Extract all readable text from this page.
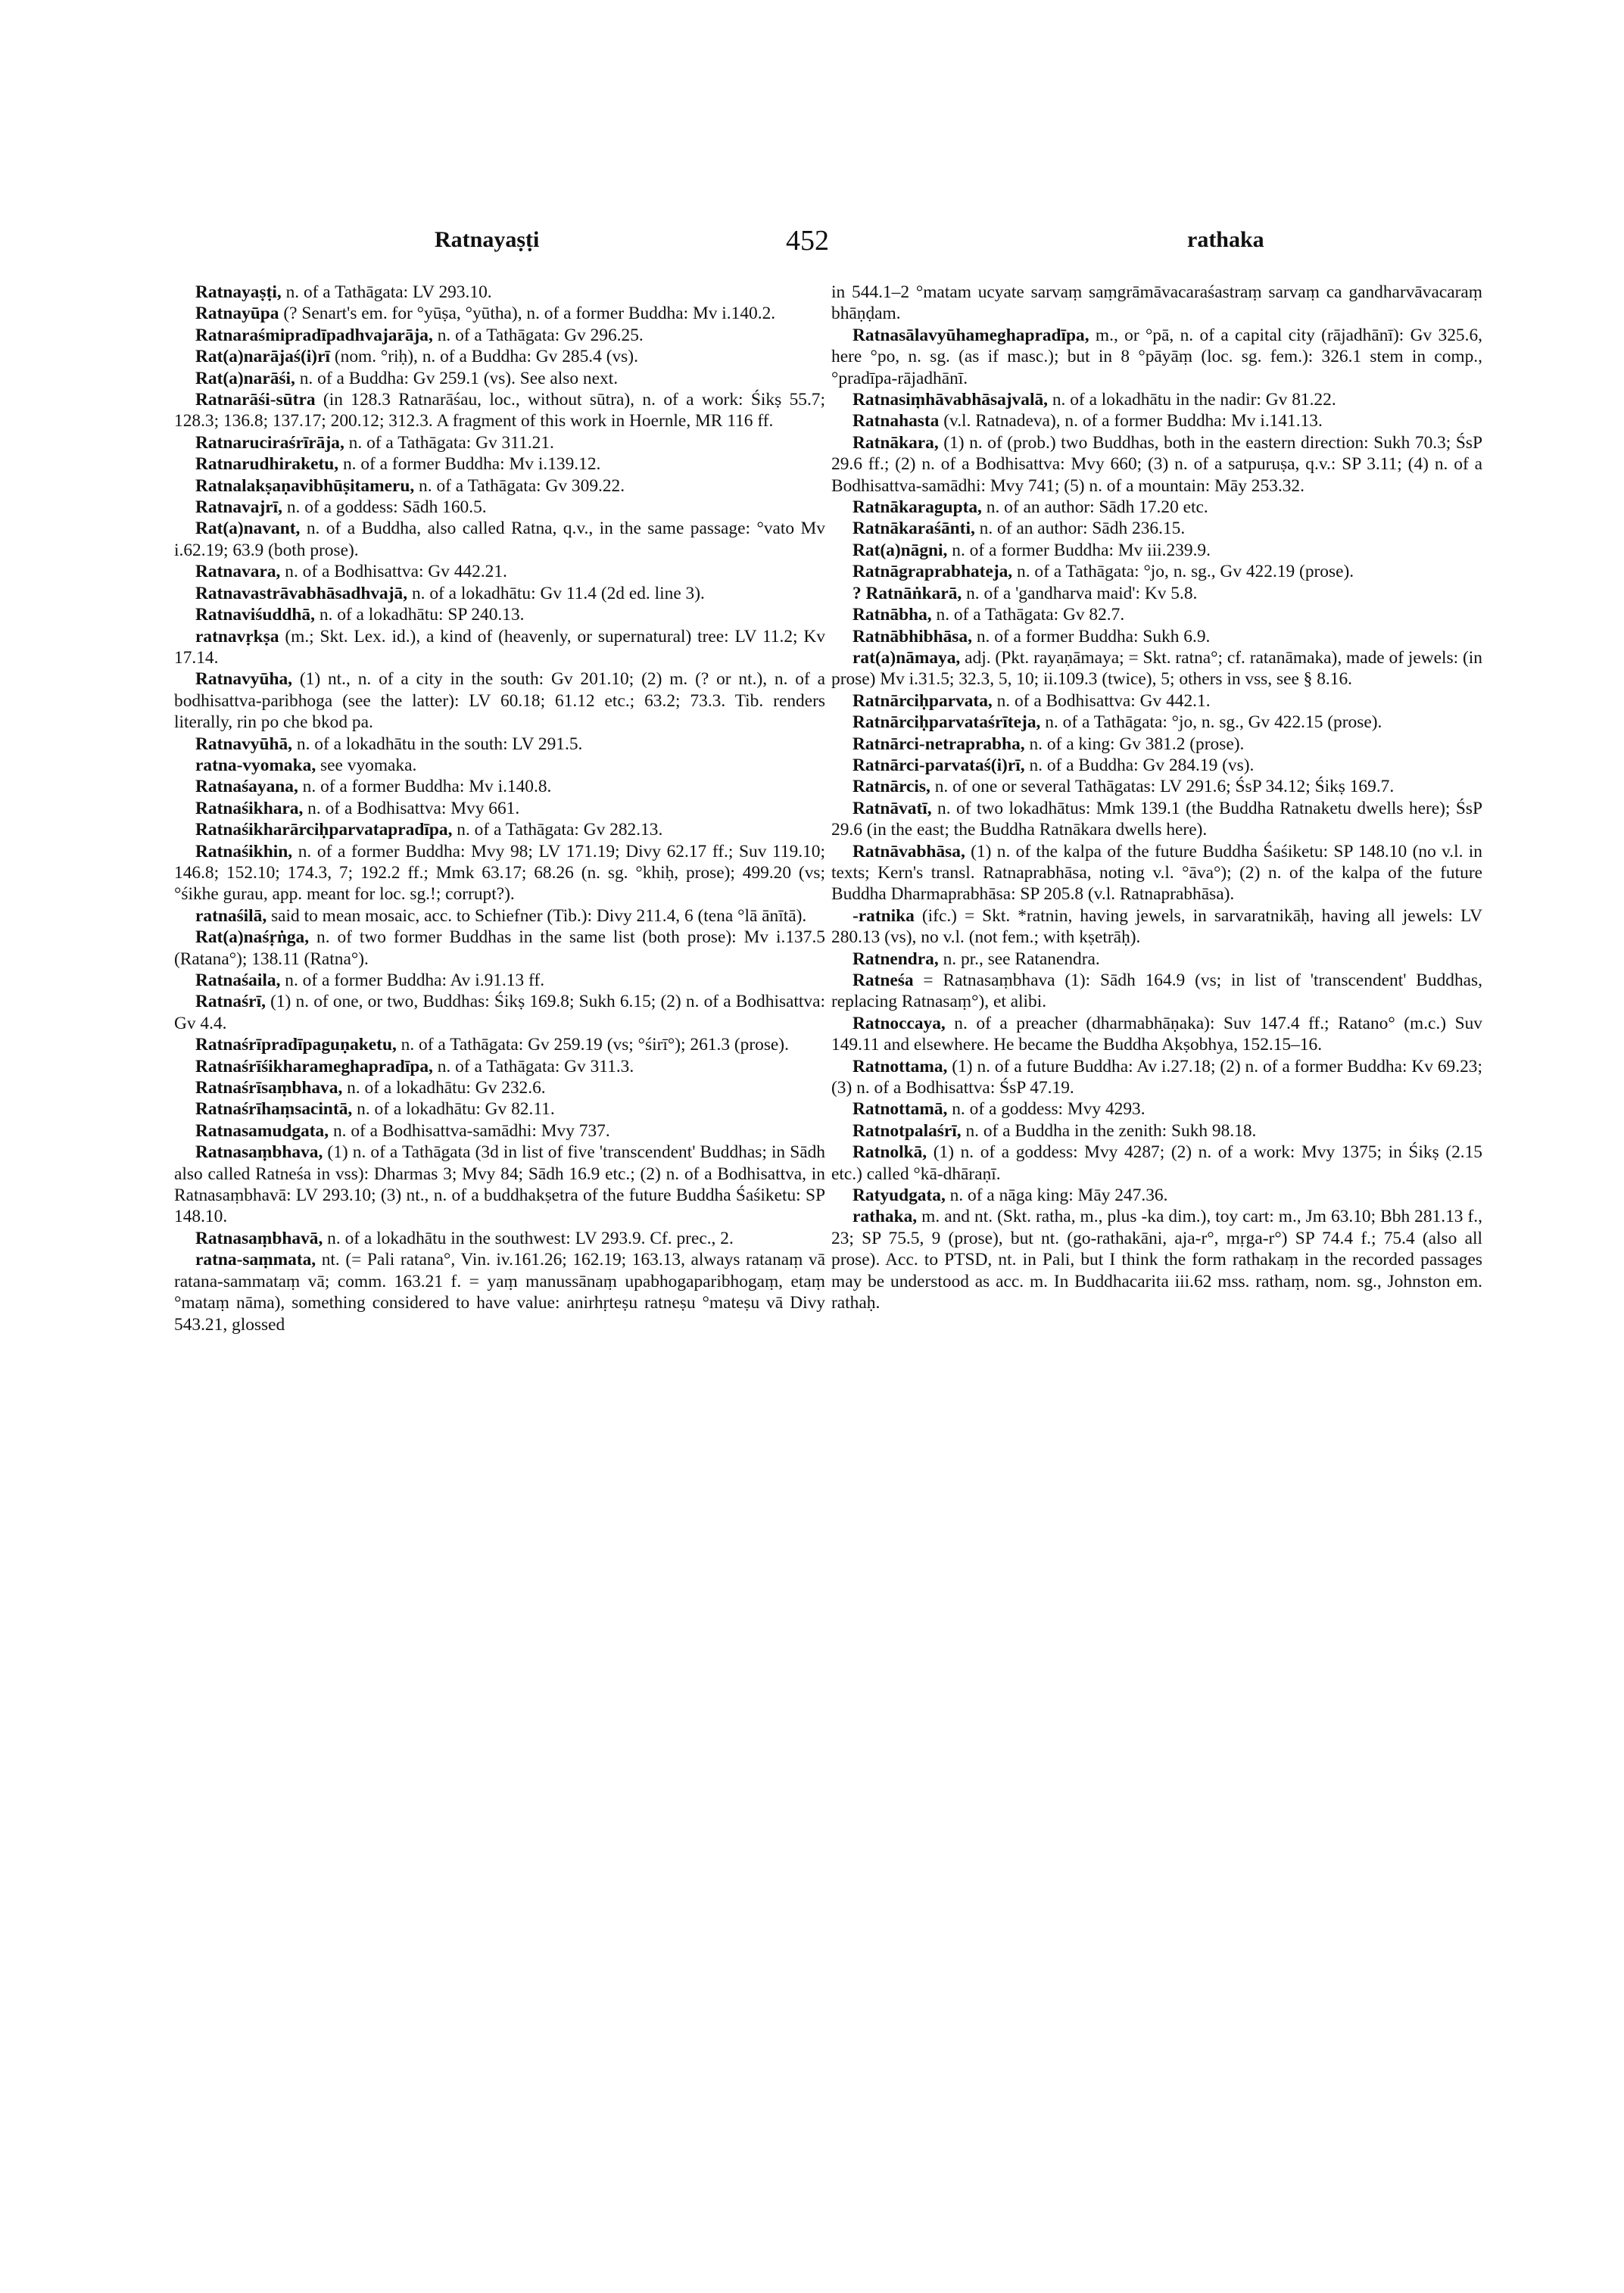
Ratnayaṣṭi	452	rathaka

Ratnayaṣṭi, n. of a Tathāgata: LV 293.10.

Ratnayūpa (? Senart's em. for °yūṣa, °yūtha), n. of a former Buddha: Mv i.140.2.

Ratnaraśmipradīpadhvajarāja, n. of a Tathāgata: Gv 296.25.

Rat(a)narājaś(i)rī (nom. °riḥ), n. of a Buddha: Gv 285.4 (vs).

Rat(a)narāśi, n. of a Buddha: Gv 259.1 (vs). See also next.

Ratnarāśi-sūtra (in 128.3 Ratnarāśau, loc., without sūtra), n. of a work: Śikṣ 55.7; 128.3; 136.8; 137.17; 200.12; 312.3. A fragment of this work in Hoernle, MR 116 ff.

Ratnaruciraśrīrāja, n. of a Tathāgata: Gv 311.21.

Ratnarudhiraketu, n. of a former Buddha: Mv i.139.12.

Ratnalakṣaṇavibhūṣitameru, n. of a Tathāgata: Gv 309.22.

Ratnavajrī, n. of a goddess: Sādh 160.5.

Rat(a)navant, n. of a Buddha, also called Ratna, q.v., in the same passage: °vato Mv i.62.19; 63.9 (both prose).

Ratnavara, n. of a Bodhisattva: Gv 442.21.

Ratnavastrāvabhāsadhvajā, n. of a lokadhātu: Gv 11.4 (2d ed. line 3).

Ratnaviśuddhā, n. of a lokadhātu: SP 240.13.

ratnavṛkṣa (m.; Skt. Lex. id.), a kind of (heavenly, or supernatural) tree: LV 11.2; Kv 17.14.

Ratnavyūha, (1) nt., n. of a city in the south: Gv 201.10; (2) m. (? or nt.), n. of a bodhisattva-paribhoga (see the latter): LV 60.18; 61.12 etc.; 63.2; 73.3. Tib. renders literally, rin po che bkod pa.

Ratnavyūhā, n. of a lokadhātu in the south: LV 291.5.

ratna-vyomaka, see vyomaka.

Ratnaśayana, n. of a former Buddha: Mv i.140.8.

Ratnaśikhara, n. of a Bodhisattva: Mvy 661.

Ratnaśikharārciḥparvatapradīpa, n. of a Tathāgata: Gv 282.13.

Ratnaśikhin, n. of a former Buddha: Mvy 98; LV 171.19; Divy 62.17 ff.; Suv 119.10; 146.8; 152.10; 174.3, 7; 192.2 ff.; Mmk 63.17; 68.26 (n. sg. °khiḥ, prose); 499.20 (vs; °śikhe gurau, app. meant for loc. sg.!; corrupt?).

ratnaśilā, said to mean mosaic, acc. to Schiefner (Tib.): Divy 211.4, 6 (tena °lā ānītā).

Rat(a)naśṛṅga, n. of two former Buddhas in the same list (both prose): Mv i.137.5 (Ratana°); 138.11 (Ratna°).

Ratnaśaila, n. of a former Buddha: Av i.91.13 ff.

Ratnaśrī, (1) n. of one, or two, Buddhas: Śikṣ 169.8; Sukh 6.15; (2) n. of a Bodhisattva: Gv 4.4.

Ratnaśrīpradīpaguṇaketu, n. of a Tathāgata: Gv 259.19 (vs; °śirī°); 261.3 (prose).

Ratnaśrīśikharameghapradīpa, n. of a Tathāgata: Gv 311.3.

Ratnaśrīsaṃbhava, n. of a lokadhātu: Gv 232.6.

Ratnaśrīhaṃsacintā, n. of a lokadhātu: Gv 82.11.

Ratnasamudgata, n. of a Bodhisattva-samādhi: Mvy 737.

Ratnasaṃbhava, (1) n. of a Tathāgata (3d in list of five 'transcendent' Buddhas; in Sādh also called Ratneśa in vss): Dharmas 3; Mvy 84; Sādh 16.9 etc.; (2) n. of a Bodhisattva, in Ratnasaṃbhavā: LV 293.10; (3) nt., n. of a buddhakṣetra of the future Buddha Śaśiketu: SP 148.10.

Ratnasaṃbhavā, n. of a lokadhātu in the southwest: LV 293.9. Cf. prec., 2.

ratna-saṃmata, nt. (= Pali ratana°, Vin. iv.161.26; 162.19; 163.13, always ratanaṃ vā ratana-sammataṃ vā; comm. 163.21 f. = yaṃ manussānaṃ upabhogaparibhogaṃ, etaṃ °mataṃ nāma), something considered to have value: anirhṛteṣu ratneṣu °mateṣu vā Divy 543.21, glossed

in 544.1–2 °matam ucyate sarvaṃ saṃgrāmāvacaraśastraṃ sarvaṃ ca gandharvāvacaraṃ bhāṇḍam.

Ratnasālavyūhameghapradīpa, m., or °pā, n. of a capital city (rājadhānī): Gv 325.6, here °po, n. sg. (as if masc.); but in 8 °pāyāṃ (loc. sg. fem.): 326.1 stem in comp., °pradīpa-rājadhānī.

Ratnasiṃhāvabhāsajvalā, n. of a lokadhātu in the nadir: Gv 81.22.

Ratnahasta (v.l. Ratnadeva), n. of a former Buddha: Mv i.141.13.

Ratnākara, (1) n. of (prob.) two Buddhas, both in the eastern direction: Sukh 70.3; ŚsP 29.6 ff.; (2) n. of a Bodhisattva: Mvy 660; (3) n. of a satpuruṣa, q.v.: SP 3.11; (4) n. of a Bodhisattva-samādhi: Mvy 741; (5) n. of a mountain: Māy 253.32.

Ratnākaragupta, n. of an author: Sādh 17.20 etc.

Ratnākaraśānti, n. of an author: Sādh 236.15.

Rat(a)nāgni, n. of a former Buddha: Mv iii.239.9.

Ratnāgraprabhateja, n. of a Tathāgata: °jo, n. sg., Gv 422.19 (prose).

? Ratnāṅkarā, n. of a 'gandharva maid': Kv 5.8.

Ratnābha, n. of a Tathāgata: Gv 82.7.

Ratnābhibhāsa, n. of a former Buddha: Sukh 6.9.

rat(a)nāmaya, adj. (Pkt. rayaṇāmaya; = Skt. ratna°; cf. ratanāmaka), made of jewels: (in prose) Mv i.31.5; 32.3, 5, 10; ii.109.3 (twice), 5; others in vss, see § 8.16.

Ratnārciḥparvata, n. of a Bodhisattva: Gv 442.1.

Ratnārciḥparvataśrīteja, n. of a Tathāgata: °jo, n. sg., Gv 422.15 (prose).

Ratnārci-netraprabha, n. of a king: Gv 381.2 (prose).

Ratnārci-parvataś(i)rī, n. of a Buddha: Gv 284.19 (vs).

Ratnārcis, n. of one or several Tathāgatas: LV 291.6; ŚsP 34.12; Śikṣ 169.7.

Ratnāvatī, n. of two lokadhātus: Mmk 139.1 (the Buddha Ratnaketu dwells here); ŚsP 29.6 (in the east; the Buddha Ratnākara dwells here).

Ratnāvabhāsa, (1) n. of the kalpa of the future Buddha Śaśiketu: SP 148.10 (no v.l. in texts; Kern's transl. Ratnaprabhāsa, noting v.l. °āva°); (2) n. of the kalpa of the future Buddha Dharmaprabhāsa: SP 205.8 (v.l. Ratnaprabhāsa).

-ratnika (ifc.) = Skt. *ratnin, having jewels, in sarvaratnikāḥ, having all jewels: LV 280.13 (vs), no v.l. (not fem.; with kṣetrāḥ).

Ratnendra, n. pr., see Ratanendra.

Ratneśa = Ratnasaṃbhava (1): Sādh 164.9 (vs; in list of 'transcendent' Buddhas, replacing Ratnasaṃ°), et alibi.

Ratnoccaya, n. of a preacher (dharmabhāṇaka): Suv 147.4 ff.; Ratano° (m.c.) Suv 149.11 and elsewhere. He became the Buddha Akṣobhya, 152.15–16.

Ratnottama, (1) n. of a future Buddha: Av i.27.18; (2) n. of a former Buddha: Kv 69.23; (3) n. of a Bodhisattva: ŚsP 47.19.

Ratnottamā, n. of a goddess: Mvy 4293.

Ratnotpalaśrī, n. of a Buddha in the zenith: Sukh 98.18.

Ratnolkā, (1) n. of a goddess: Mvy 4287; (2) n. of a work: Mvy 1375; in Śikṣ (2.15 etc.) called °kā-dhāraṇī.

Ratyudgata, n. of a nāga king: Māy 247.36.

rathaka, m. and nt. (Skt. ratha, m., plus -ka dim.), toy cart: m., Jm 63.10; Bbh 281.13 f., 23; SP 75.5, 9 (prose), but nt. (go-rathakāni, aja-r°, mṛga-r°) SP 74.4 f.; 75.4 (also all prose). Acc. to PTSD, nt. in Pali, but I think the form rathakaṃ in the recorded passages may be understood as acc. m. In Buddhacarita iii.62 mss. rathaṃ, nom. sg., Johnston em. rathaḥ.
